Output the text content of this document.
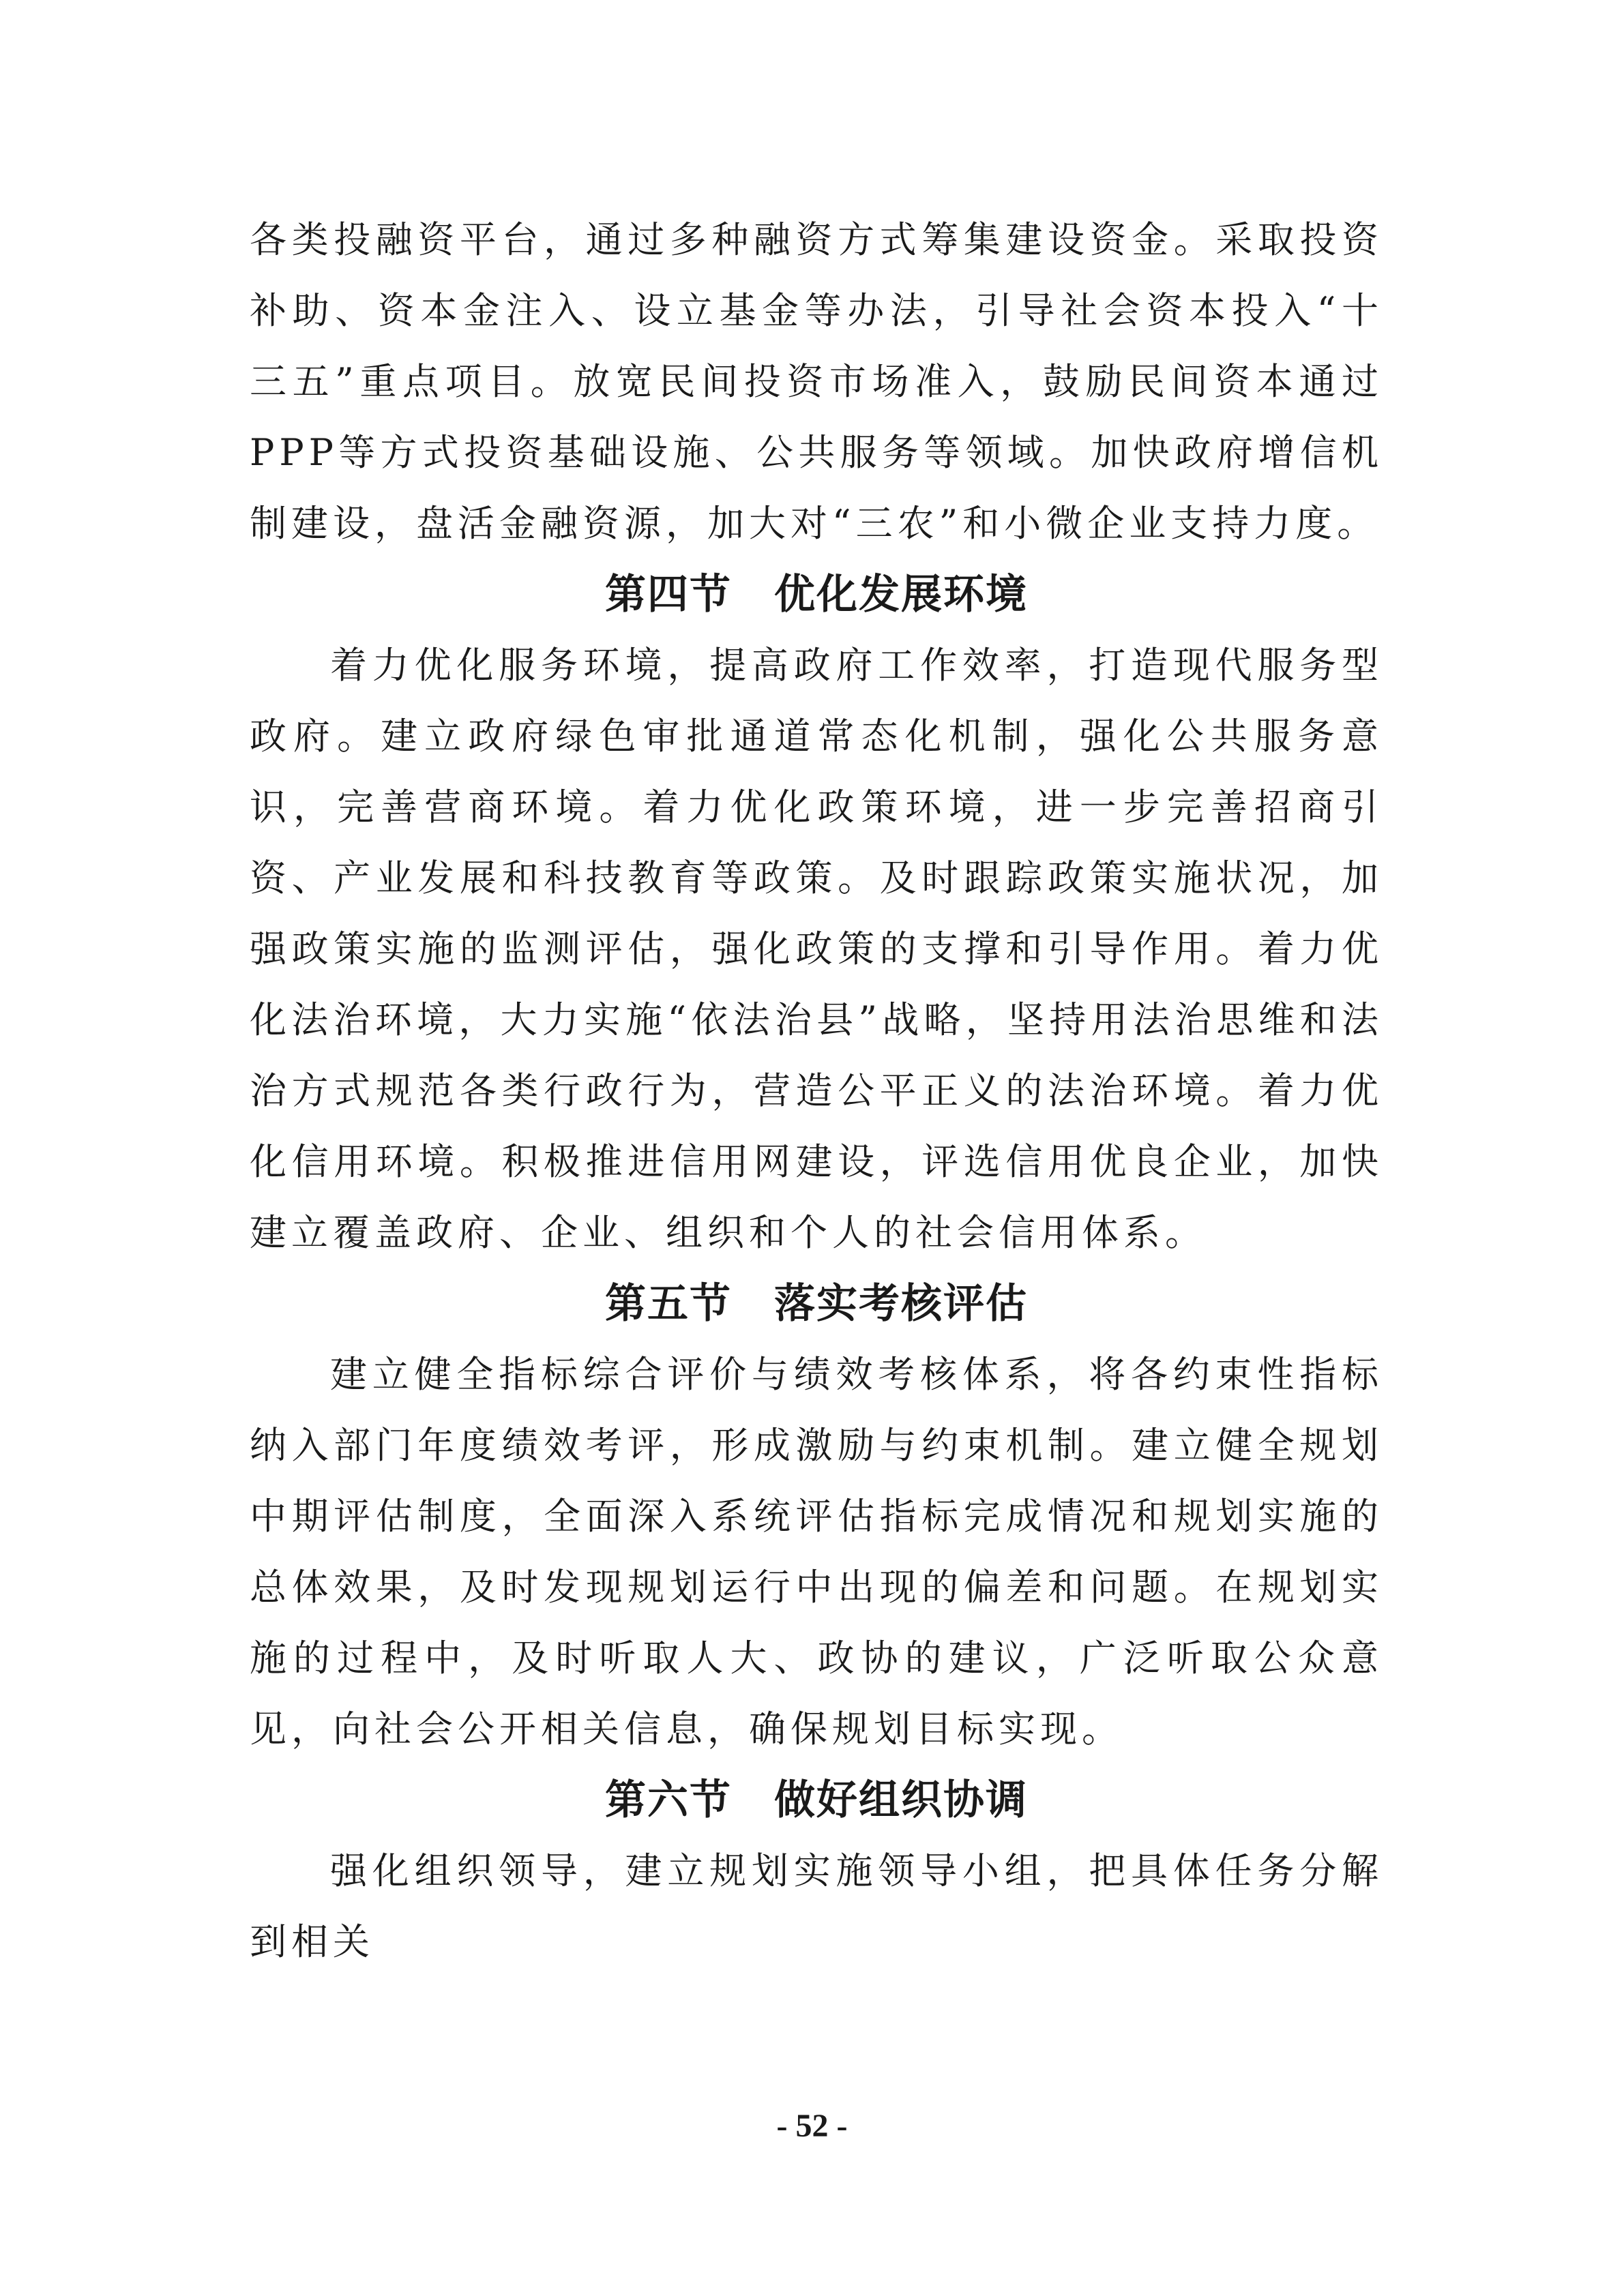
各类投融资平台，通过多种融资方式筹集建设资金。采取投资补助、资本金注入、设立基金等办法，引导社会资本投入“十三五”重点项目。放宽民间投资市场准入，鼓励民间资本通过PPP等方式投资基础设施、公共服务等领域。加快政府增信机制建设，盘活金融资源，加大对“三农”和小微企业支持力度。

第四节　优化发展环境

着力优化服务环境，提高政府工作效率，打造现代服务型政府。建立政府绿色审批通道常态化机制，强化公共服务意识，完善营商环境。着力优化政策环境，进一步完善招商引资、产业发展和科技教育等政策。及时跟踪政策实施状况，加强政策实施的监测评估，强化政策的支撑和引导作用。着力优化法治环境，大力实施“依法治县”战略，坚持用法治思维和法治方式规范各类行政行为，营造公平正义的法治环境。着力优化信用环境。积极推进信用网建设，评选信用优良企业，加快建立覆盖政府、企业、组织和个人的社会信用体系。

第五节　落实考核评估

建立健全指标综合评价与绩效考核体系，将各约束性指标纳入部门年度绩效考评，形成激励与约束机制。建立健全规划中期评估制度，全面深入系统评估指标完成情况和规划实施的总体效果，及时发现规划运行中出现的偏差和问题。在规划实施的过程中，及时听取人大、政协的建议，广泛听取公众意见，向社会公开相关信息，确保规划目标实现。

第六节　做好组织协调

强化组织领导，建立规划实施领导小组，把具体任务分解到相关

- 52 -
